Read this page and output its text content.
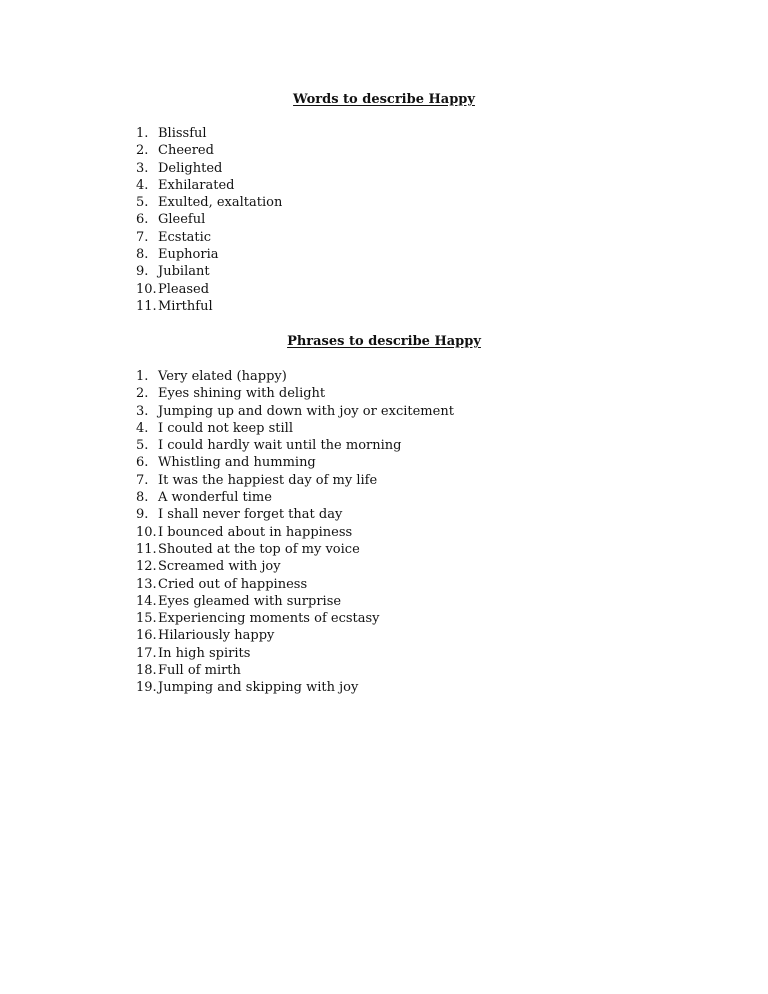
Words to describe Happy
1. Blissful
2. Cheered
3. Delighted
4. Exhilarated
5. Exulted, exaltation
6. Gleeful
7. Ecstatic
8. Euphoria
9. Jubilant
10. Pleased
11. Mirthful
Phrases to describe Happy
1. Very elated (happy)
2. Eyes shining with delight
3. Jumping up and down with joy or excitement
4. I could not keep still
5. I could hardly wait until the morning
6. Whistling and humming
7. It was the happiest day of my life
8. A wonderful time
9. I shall never forget that day
10. I bounced about in happiness
11. Shouted at the top of my voice
12. Screamed with joy
13. Cried out of happiness
14. Eyes gleamed with surprise
15. Experiencing moments of ecstasy
16. Hilariously happy
17. In high spirits
18. Full of mirth
19. Jumping and skipping with joy
